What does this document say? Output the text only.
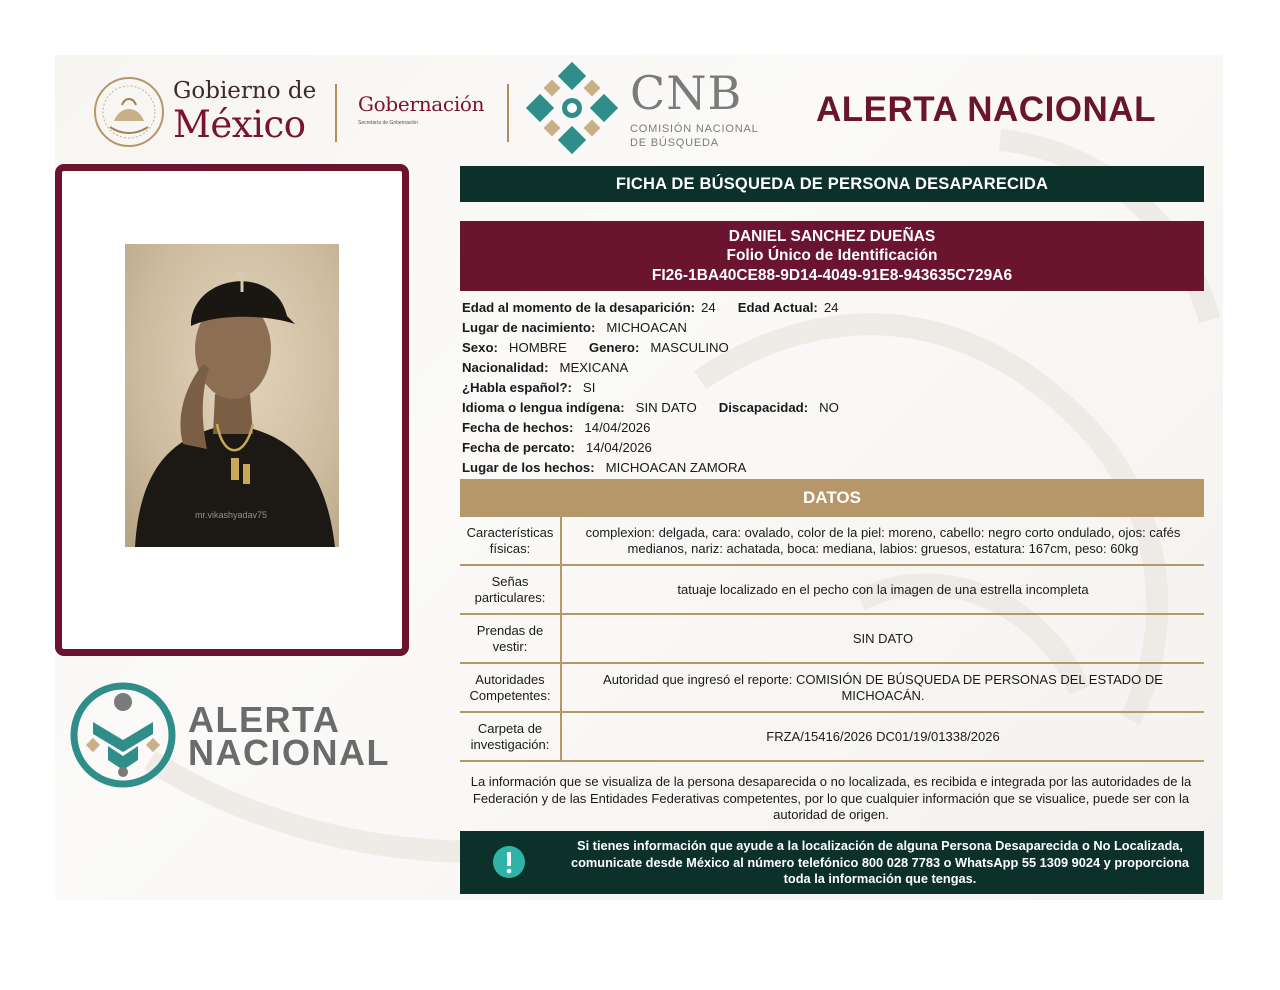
Gobierno de
México	Gobernación
Secretaría de Gobernación
CNB
COMISIÓN NACIONAL
DE BÚSQUEDA
ALERTA NACIONAL
mr.vikashyadav75
ALERTA
NACIONAL
FICHA DE BÚSQUEDA DE PERSONA DESAPARECIDA
DANIEL SANCHEZ DUEÑAS
Folio Único de Identificación
FI26-1BA40CE88-9D14-4049-91E8-943635C729A6
Edad al momento de la desaparición: 24 Edad Actual: 24
Lugar de nacimiento: MICHOACAN
Sexo: HOMBRE Genero: MASCULINO
Nacionalidad: MEXICANA
¿Habla español?: SI
Idioma o lengua indígena: SIN DATO Discapacidad: NO
Fecha de hechos: 14/04/2026
Fecha de percato: 14/04/2026
Lugar de los hechos: MICHOACAN ZAMORA
DATOS
Características físicas:
complexion: delgada, cara: ovalado, color de la piel: moreno, cabello: negro corto ondulado, ojos: cafés medianos, nariz: achatada, boca: mediana, labios: gruesos, estatura: 167cm, peso: 60kg
Señas particulares:
tatuaje localizado en el pecho con la imagen de una estrella incompleta
Prendas de vestir:
SIN DATO
Autoridades Competentes:
Autoridad que ingresó el reporte: COMISIÓN DE BÚSQUEDA DE PERSONAS DEL ESTADO DE MICHOACÁN.
Carpeta de investigación:
FRZA/15416/2026 DC01/19/01338/2026
La información que se visualiza de la persona desaparecida o no localizada, es recibida e integrada por las autoridades de la Federación y de las Entidades Federativas competentes, por lo que cualquier información que se visualice, puede ser con la autoridad de origen.
Si tienes información que ayude a la localización de alguna Persona Desaparecida o No Localizada, comunicate desde México al número telefónico 800 028 7783 o WhatsApp 55 1309 9024 y proporciona toda la información que tengas.
